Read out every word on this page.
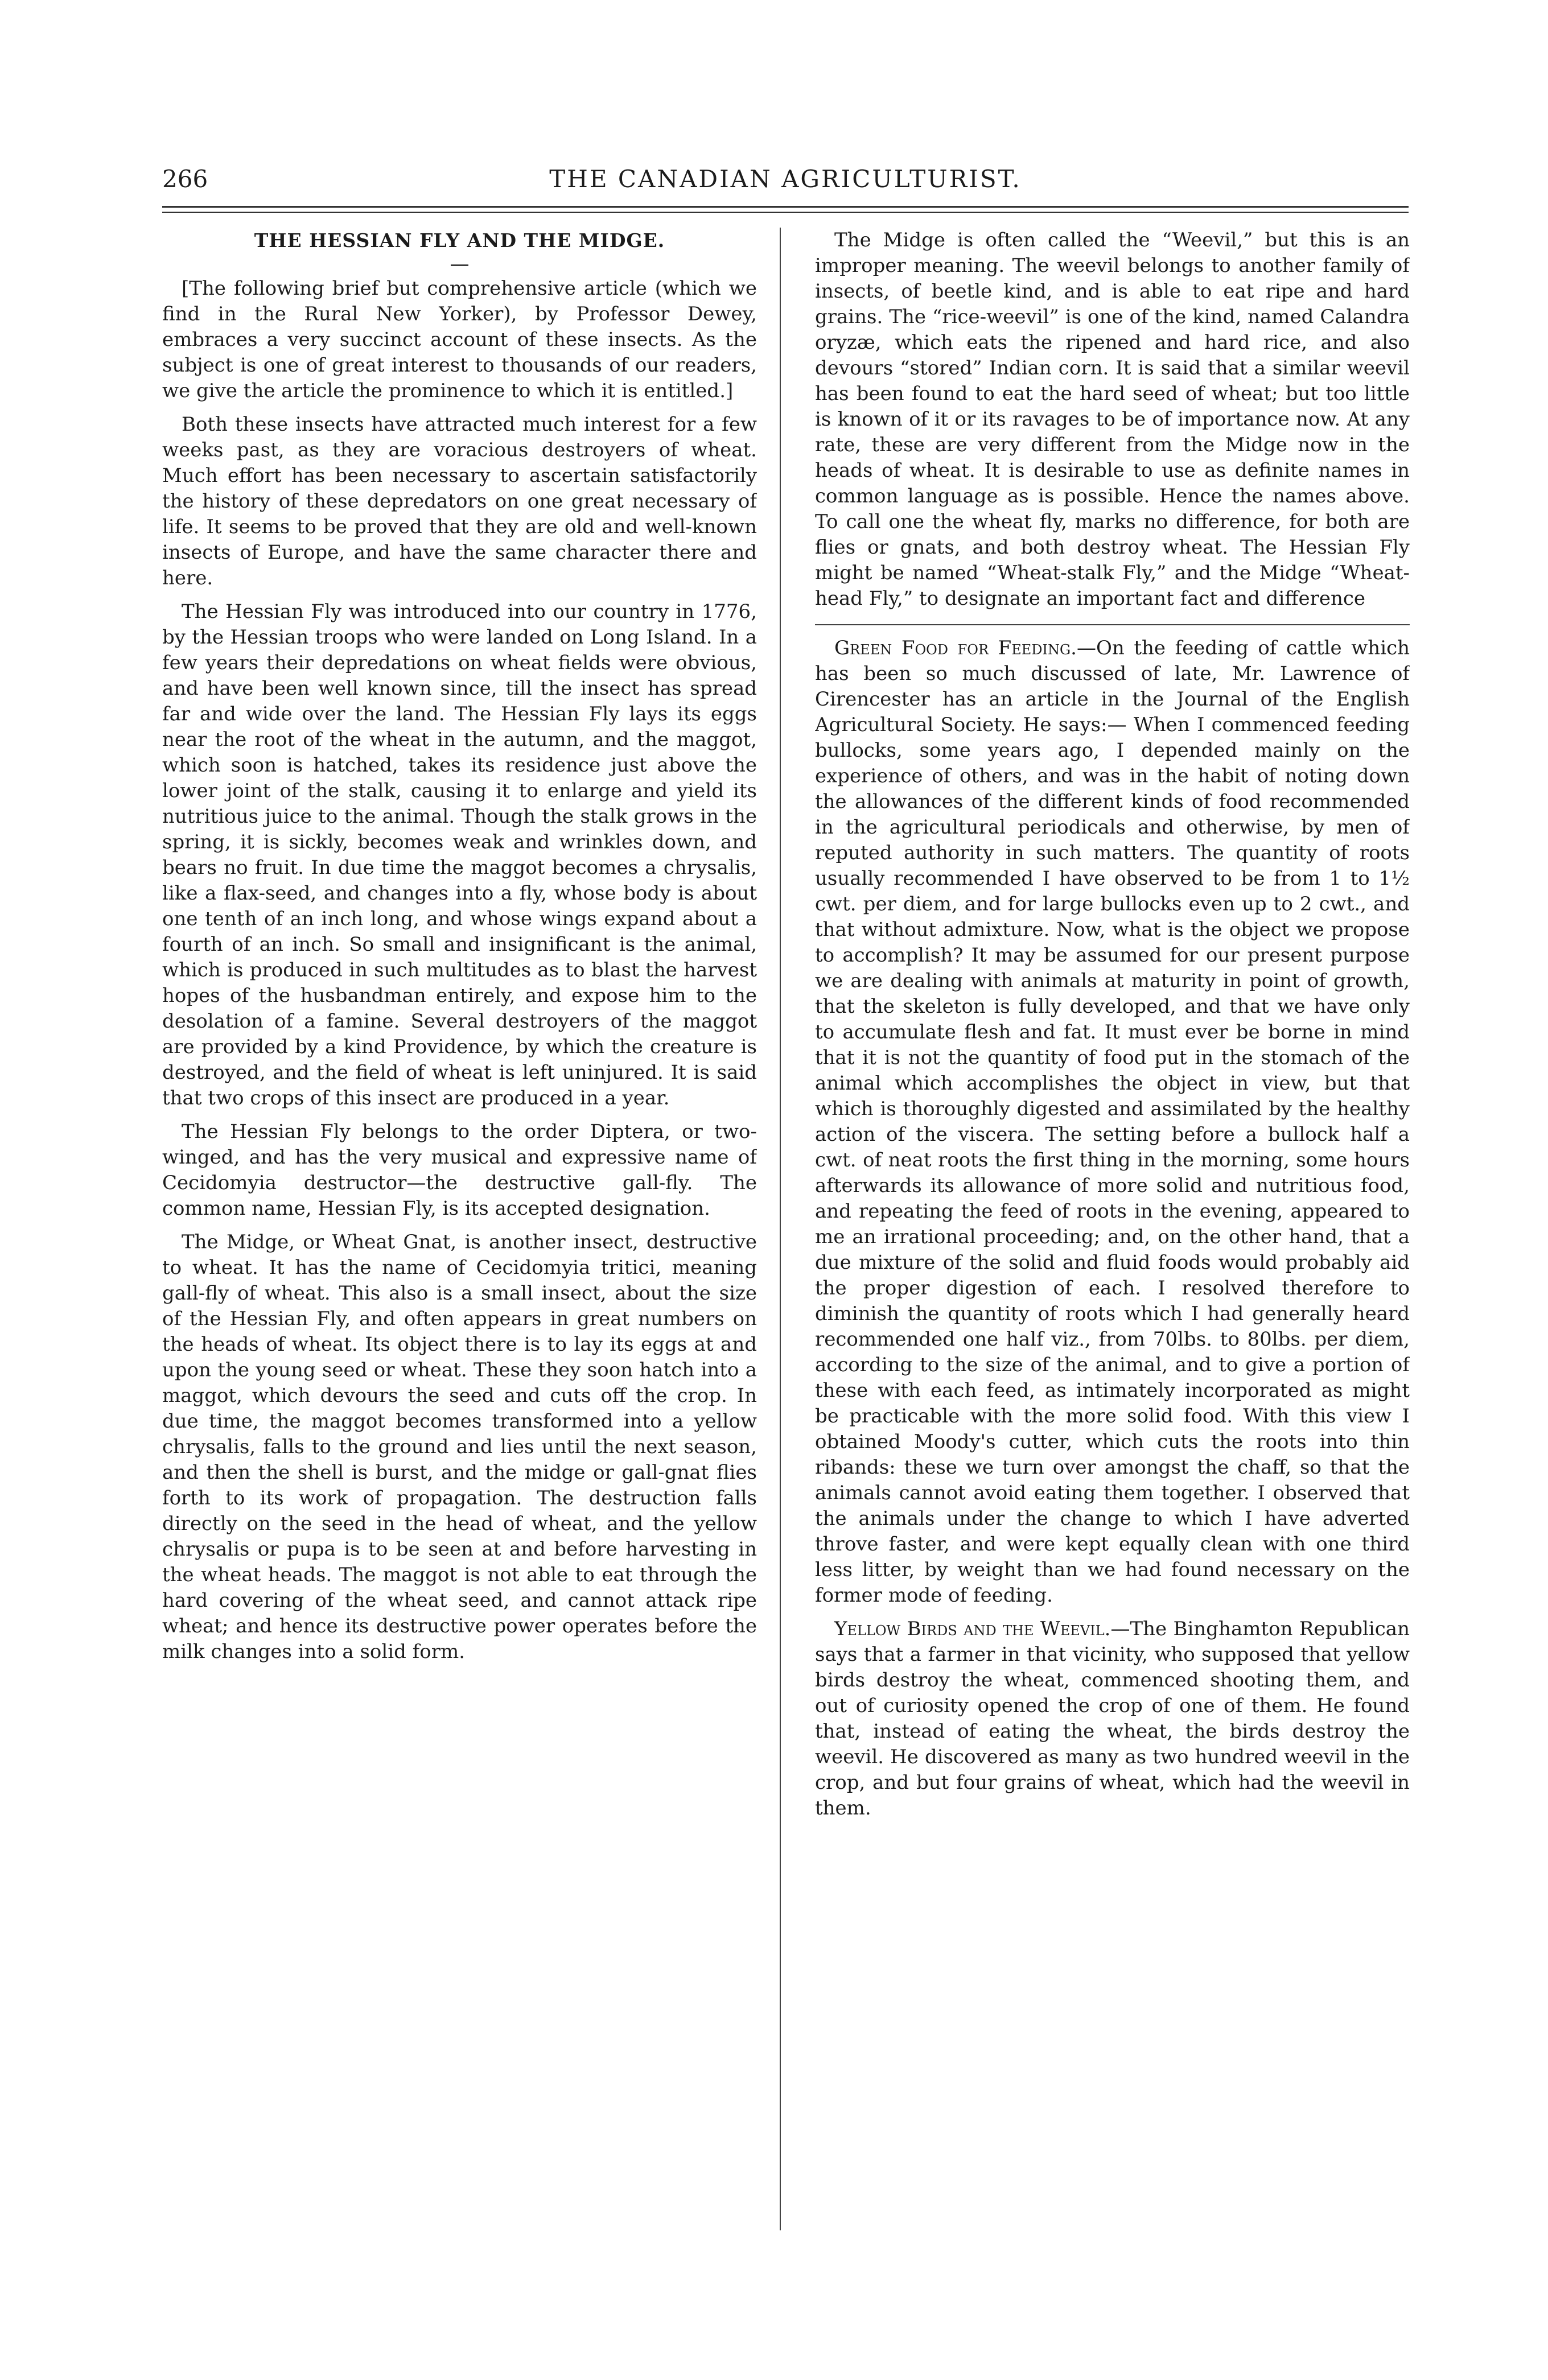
266	THE CANADIAN AGRICULTURIST.
THE HESSIAN FLY AND THE MIDGE.
—

[The following brief but comprehensive article (which we find in the Rural New Yorker), by Professor Dewey, embraces a very succinct account of these insects. As the subject is one of great interest to thousands of our readers, we give the article the prominence to which it is entitled.]

Both these insects have attracted much interest for a few weeks past, as they are voracious destroyers of wheat. Much effort has been necessary to ascertain satisfactorily the history of these depredators on one great necessary of life. It seems to be proved that they are old and well-known insects of Europe, and have the same character there and here.

The Hessian Fly was introduced into our country in 1776, by the Hessian troops who were landed on Long Island. In a few years their depredations on wheat fields were obvious, and have been well known since, till the insect has spread far and wide over the land. The Hessian Fly lays its eggs near the root of the wheat in the autumn, and the maggot, which soon is hatched, takes its residence just above the lower joint of the stalk, causing it to enlarge and yield its nutritious juice to the animal. Though the stalk grows in the spring, it is sickly, becomes weak and wrinkles down, and bears no fruit. In due time the maggot becomes a chrysalis, like a flax-seed, and changes into a fly, whose body is about one tenth of an inch long, and whose wings expand about a fourth of an inch. So small and insignificant is the animal, which is produced in such multitudes as to blast the harvest hopes of the husbandman entirely, and expose him to the desolation of a famine. Several destroyers of the maggot are provided by a kind Providence, by which the creature is destroyed, and the field of wheat is left uninjured. It is said that two crops of this insect are produced in a year.

The Hessian Fly belongs to the order Diptera, or two-winged, and has the very musical and expressive name of Cecidomyia destructor—the destructive gall-fly. The common name, Hessian Fly, is its accepted designation.

The Midge, or Wheat Gnat, is another insect, destructive to wheat. It has the name of Cecidomyia tritici, meaning gall-fly of wheat. This also is a small insect, about the size of the Hessian Fly, and often appears in great numbers on the heads of wheat. Its object there is to lay its eggs at and upon the young seed or wheat. These they soon hatch into a maggot, which devours the seed and cuts off the crop. In due time, the maggot becomes transformed into a yellow chrysalis, falls to the ground and lies until the next season, and then the shell is burst, and the midge or gall-gnat flies forth to its work of propagation. The destruction falls directly on the seed in the head of wheat, and the yellow chrysalis or pupa is to be seen at and before harvesting in the wheat heads. The maggot is not able to eat through the hard covering of the wheat seed, and cannot attack ripe wheat; and hence its destructive power operates before the milk changes into a solid form.

The Midge is often called the “Weevil,” but this is an improper meaning. The weevil belongs to another family of insects, of beetle kind, and is able to eat ripe and hard grains. The “rice-weevil” is one of the kind, named Calandra oryzæ, which eats the ripened and hard rice, and also devours “stored” Indian corn. It is said that a similar weevil has been found to eat the hard seed of wheat; but too little is known of it or its ravages to be of importance now. At any rate, these are very different from the Midge now in the heads of wheat. It is desirable to use as definite names in common language as is possible. Hence the names above. To call one the wheat fly, marks no difference, for both are flies or gnats, and both destroy wheat. The Hessian Fly might be named “Wheat-stalk Fly,” and the Midge “Wheat-head Fly,” to designate an important fact and difference

Green Food for Feeding.—On the feeding of cattle which has been so much discussed of late, Mr. Lawrence of Cirencester has an article in the Journal of the English Agricultural Society. He says:— When I commenced feeding bullocks, some years ago, I depended mainly on the experience of others, and was in the habit of noting down the allowances of the different kinds of food recommended in the agricultural periodicals and otherwise, by men of reputed authority in such matters. The quantity of roots usually recommended I have observed to be from 1 to 1½ cwt. per diem, and for large bullocks even up to 2 cwt., and that without admixture. Now, what is the object we propose to accomplish? It may be assumed for our present purpose we are dealing with animals at maturity in point of growth, that the skeleton is fully developed, and that we have only to accumulate flesh and fat. It must ever be borne in mind that it is not the quantity of food put in the stomach of the animal which accomplishes the object in view, but that which is thoroughly digested and assimilated by the healthy action of the viscera. The setting before a bullock half a cwt. of neat roots the first thing in the morning, some hours afterwards its allowance of more solid and nutritious food, and repeating the feed of roots in the evening, appeared to me an irrational proceeding; and, on the other hand, that a due mixture of the solid and fluid foods would probably aid the proper digestion of each. I resolved therefore to diminish the quantity of roots which I had generally heard recommended one half viz., from 70lbs. to 80lbs. per diem, according to the size of the animal, and to give a portion of these with each feed, as intimately incorporated as might be practicable with the more solid food. With this view I obtained Moody's cutter, which cuts the roots into thin ribands: these we turn over amongst the chaff, so that the animals cannot avoid eating them together. I observed that the animals under the change to which I have adverted throve faster, and were kept equally clean with one third less litter, by weight than we had found necessary on the former mode of feeding.

Yellow Birds and the Weevil.—The Binghamton Republican says that a farmer in that vicinity, who supposed that yellow birds destroy the wheat, commenced shooting them, and out of curiosity opened the crop of one of them. He found that, instead of eating the wheat, the birds destroy the weevil. He discovered as many as two hundred weevil in the crop, and but four grains of wheat, which had the weevil in them.
